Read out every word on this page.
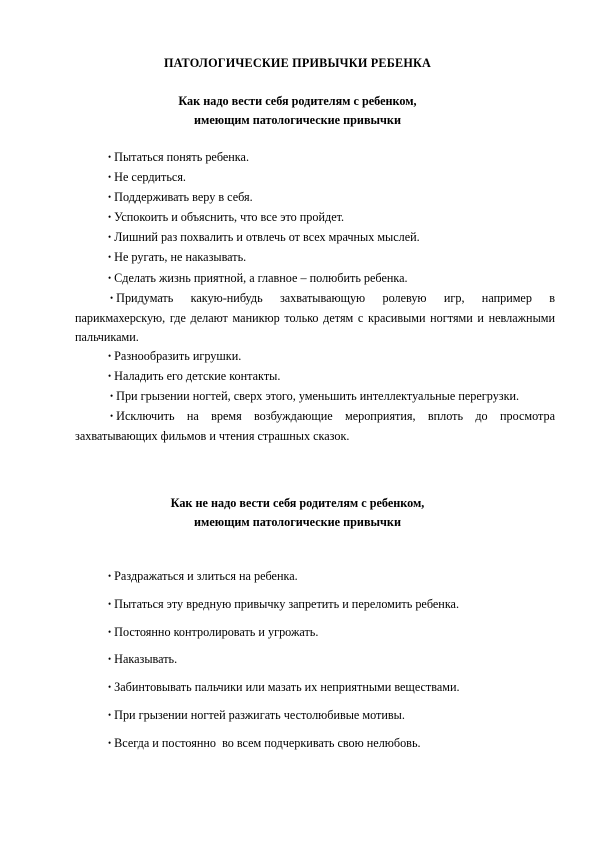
ПАТОЛОГИЧЕСКИЕ ПРИВЫЧКИ РЕБЕНКА
Как надо вести себя родителям с ребенком,
имеющим патологические привычки
• Пытаться понять ребенка.
• Не сердиться.
• Поддерживать веру в себя.
• Успокоить и объяснить, что все это пройдет.
• Лишний раз похвалить и отвлечь от всех мрачных мыслей.
• Не ругать, не наказывать.
• Сделать жизнь приятной, а главное – полюбить ребенка.
• Придумать какую-нибудь захватывающую ролевую игр, например в парикмахерскую, где делают маникюр только детям с красивыми ногтями и невлажными пальчиками.
• Разнообразить игрушки.
• Наладить его детские контакты.
• При грызении ногтей, сверх этого, уменьшить интеллектуальные перегрузки.
• Исключить на время возбуждающие мероприятия, вплоть до просмотра захватывающих фильмов и чтения страшных сказок.
Как не надо вести себя родителям с ребенком,
имеющим патологические привычки
• Раздражаться и злиться на ребенка.
• Пытаться эту вредную привычку запретить и переломить ребенка.
• Постоянно контролировать и угрожать.
• Наказывать.
• Забинтовывать пальчики или мазать их неприятными веществами.
• При грызении ногтей разжигать честолюбивые мотивы.
• Всегда и постоянно  во всем подчеркивать свою нелюбовь.
